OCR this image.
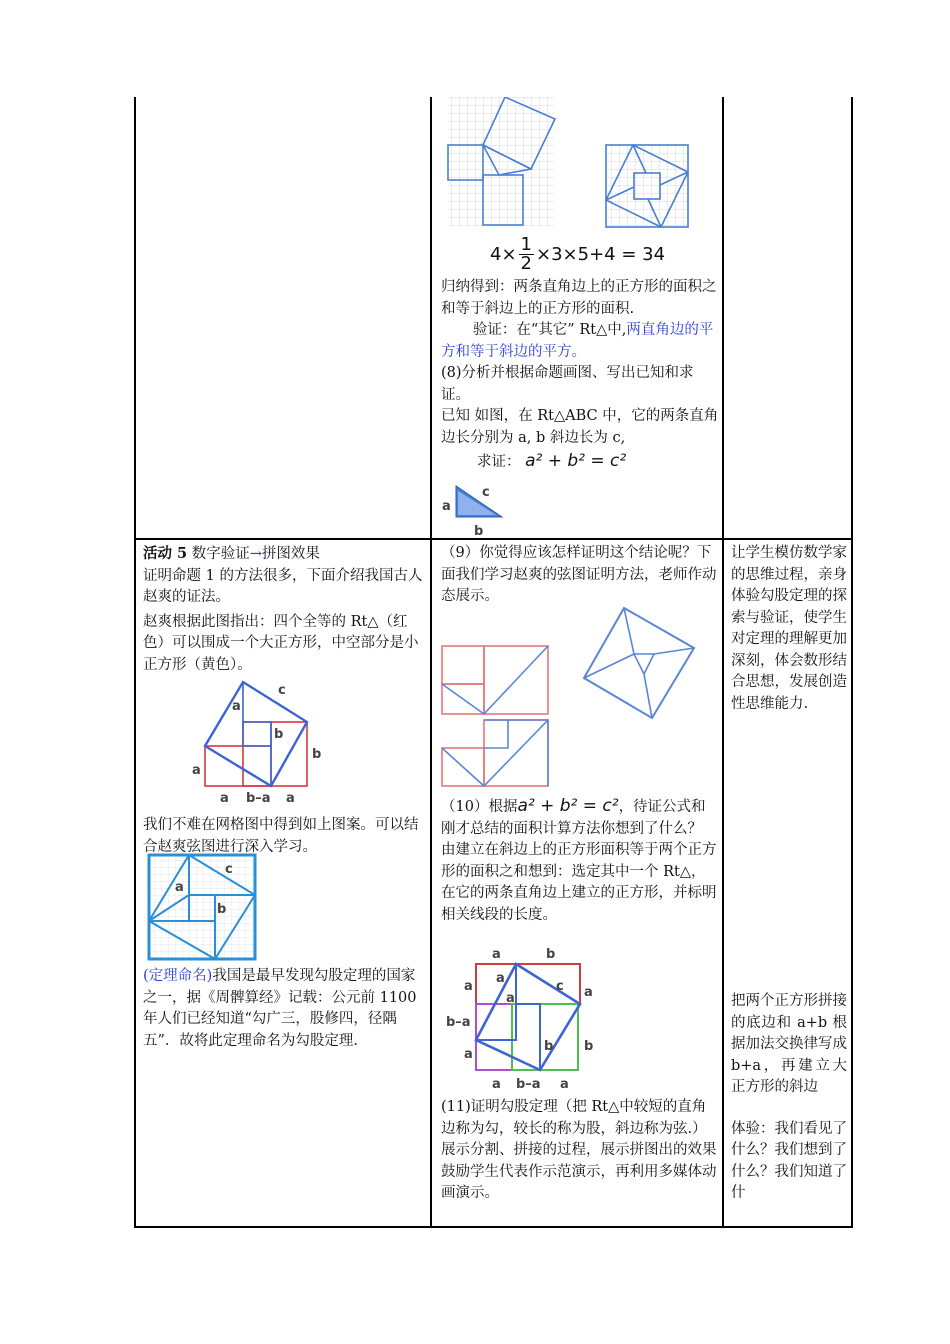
$4\times \frac{1}{2} \times 3\times 5+4 = 34$

归纳得到：两条直角边上的正方形的面积之和等于斜边上的正方形的面积.

验证：在“其它” Rt△中,两直角边的平方和等于斜边的平方。

(8)分析并根据命题画图、写出已知和求证。

已知 如图，在 Rt△ABC 中，它的两条直角边长分别为 a, b 斜边长为 c,

求证： a² + b² = c²

a
c
b

活动 5 数字验证→拼图效果

证明命题 1 的方法很多，下面介绍我国古人赵爽的证法。

赵爽根据此图指出：四个全等的 Rt△（红色）可以围成一个大正方形，中空部分是小正方形（黄色）。

a
c
a
b
b
a b–a a

我们不难在网格图中得到如上图案。可以结合赵爽弦图进行深入学习。

a
c
b

(定理命名)我国是最早发现勾股定理的国家之一，据《周髀算经》记载：公元前 1100 年人们已经知道“勾广三，股修四，径隅五”．故将此定理命名为勾股定理.

（9）你觉得应该怎样证明这个结论呢？下面我们学习赵爽的弦图证明方法，老师作动态展示。

（10）根据a² + b² = c²，待证公式和刚才总结的面积计算方法你想到了什么？

由建立在斜边上的正方形面积等于两个正方形的面积之和想到：选定其中一个 Rt△，在它的两条直角边上建立的正方形，并标明相关线段的长度。

a	b
a
b–a
a
a
a
c a
b b
a b–a a

(11)证明勾股定理（把 Rt△中较短的直角边称为勾，较长的称为股，斜边称为弦.）

展示分割、拼接的过程，展示拼图出的效果鼓励学生代表作示范演示，再利用多媒体动画演示。

让学生模仿数学家的思维过程，亲身体验勾股定理的探索与验证，使学生对定理的理解更加深刻，体会数形结合思想，发展创造性思维能力.

把两个正方形拼接的底边和 a+b 根据加法交换律写成 b+a，再建立大正方形的斜边

体验：我们看见了什么？我们想到了什么？我们知道了什
